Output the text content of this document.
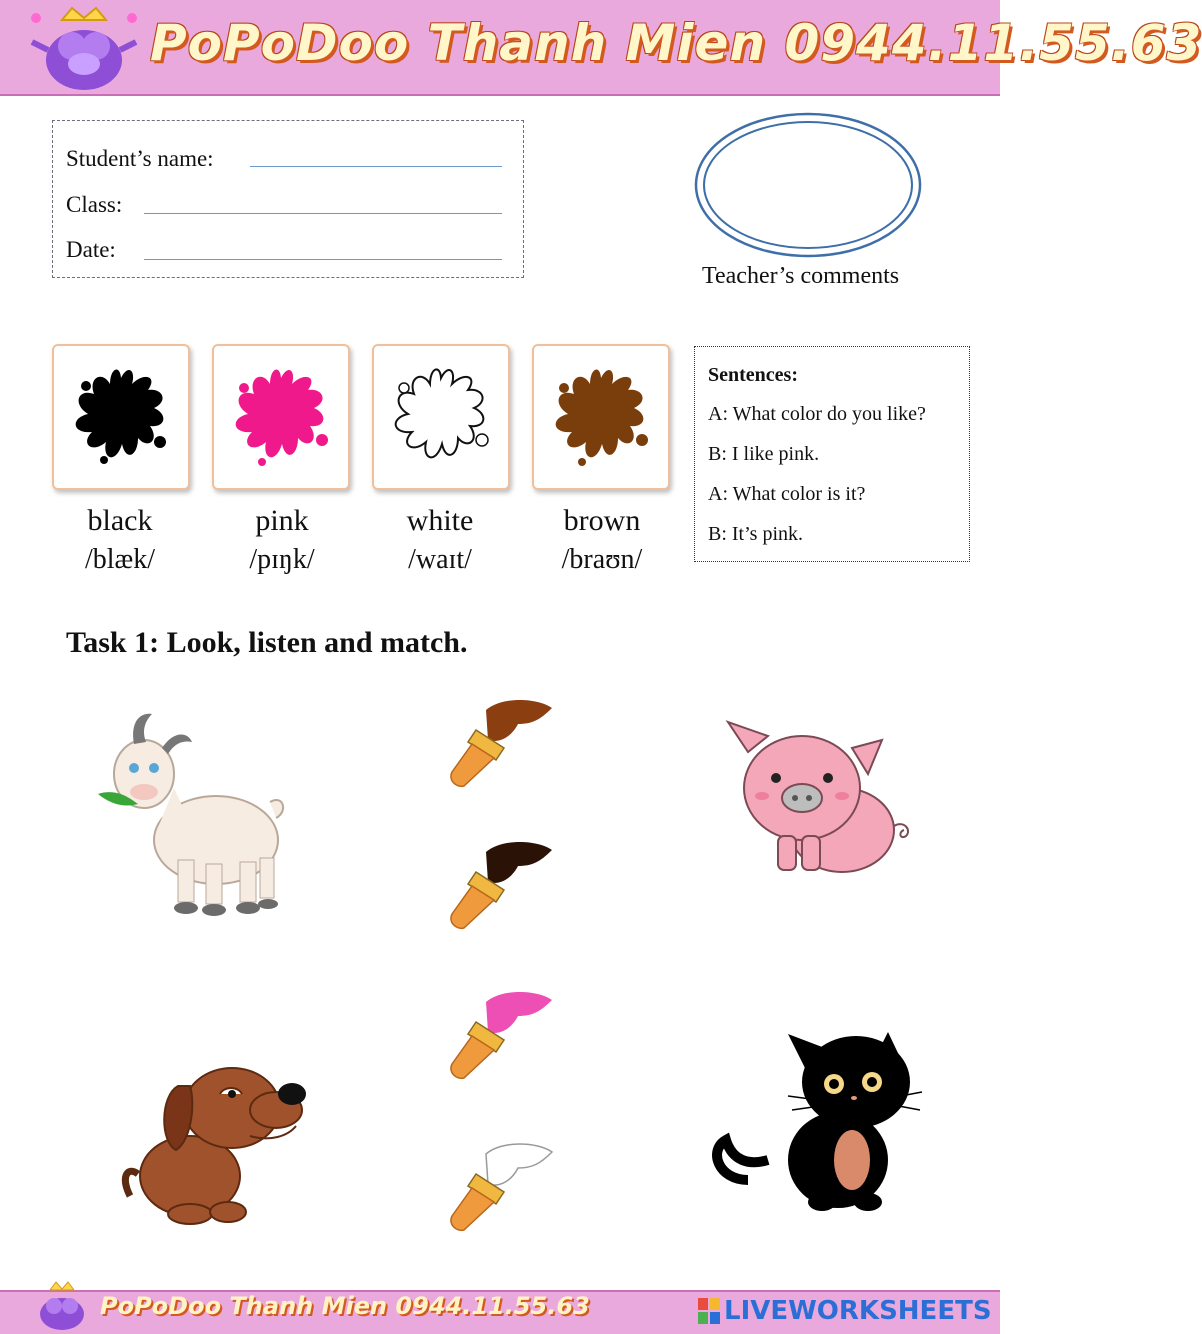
PoPoDoo Thanh Mien 0944.11.55.63
Student’s name:
Class:
Date:
Teacher’s comments
black
/blæk/
pink
/pɪŋk/
white
/waɪt/
brown
/braʊn/
Sentences:
A: What color do you like?
B: I like pink.
A: What color is it?
B: It’s pink.
Task 1: Look, listen and match.
PoPoDoo Thanh Mien 0944.11.55.63	LIVEWORKSHEETS
